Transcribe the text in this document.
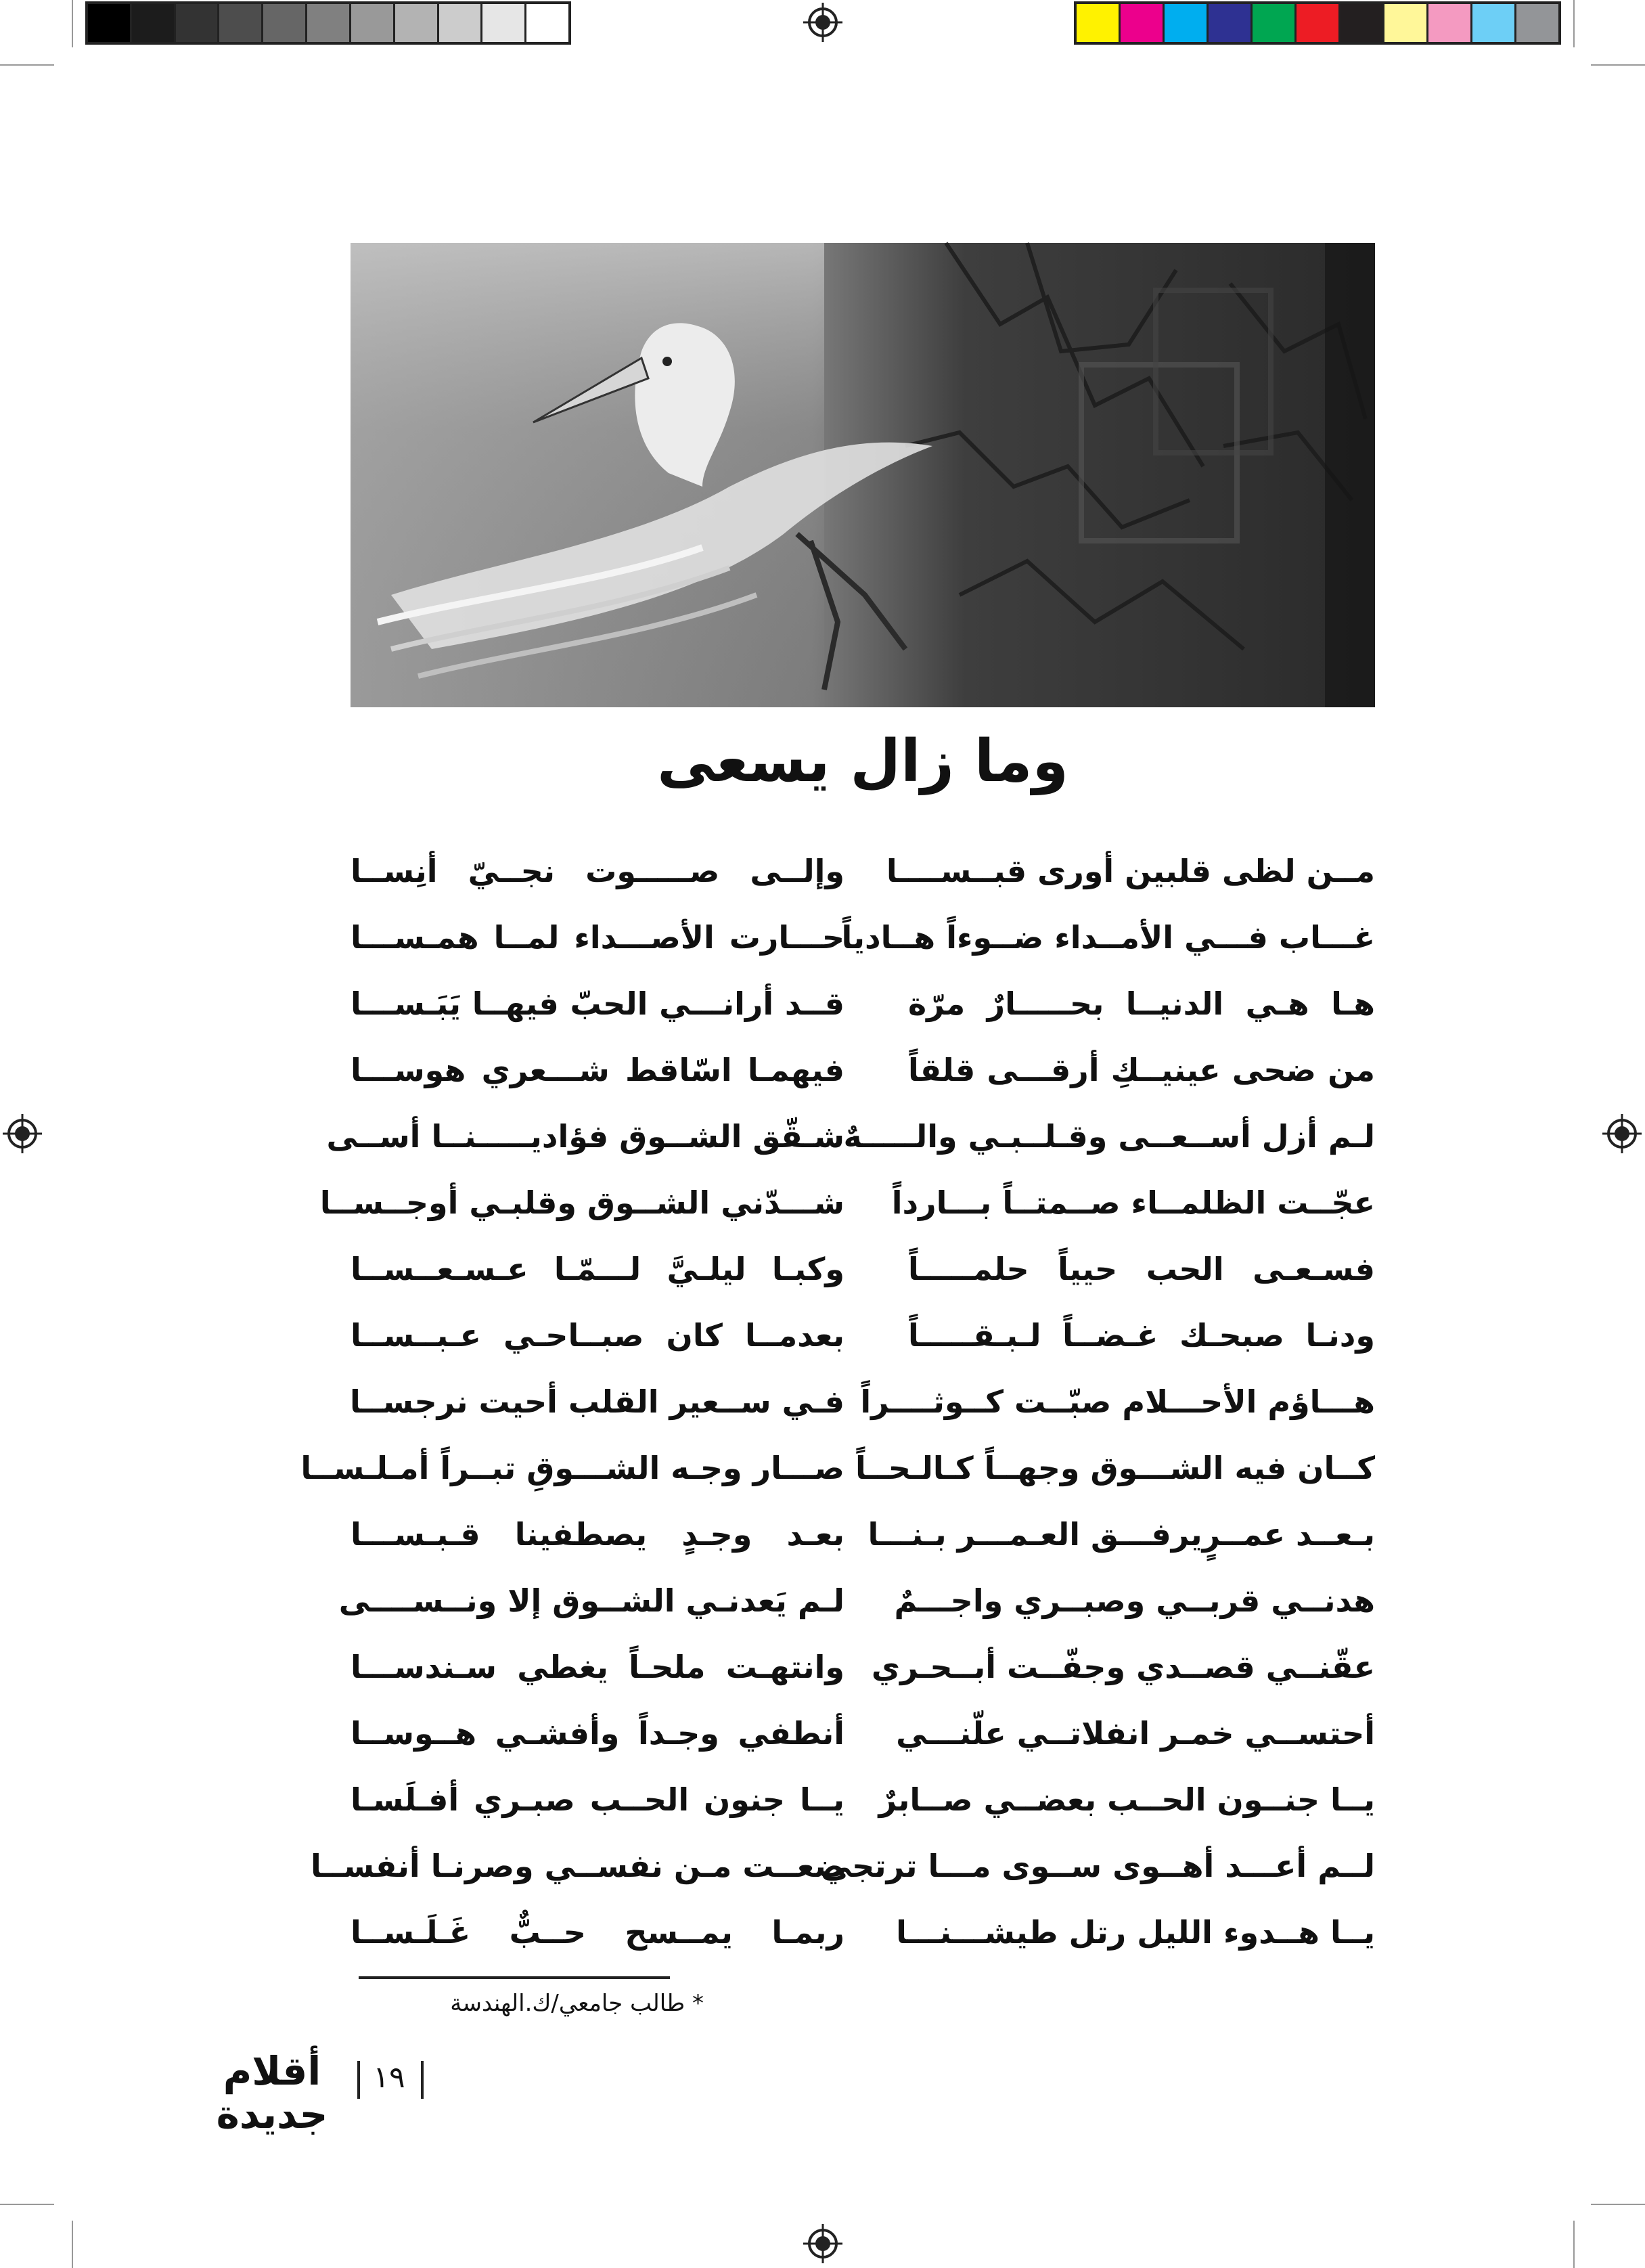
وما زال يسعى
مــن لظى قلبين أورى قبــســــا
وإلــى صـــــوت نجــيّ أنِســا
غـــاب فـــي الأمــداء ضــوءاً هــادياً
حـــارت الأصـــداء لمــا همـســـا
هـا هـي الدنيــا بحـــــارٌ مرّة
قــد أرانـــي الحبّ فيهــا يَبَـســـا
من ضحى عينيــكِ أرقـــى قلقاً
فيهمـا اسّاقط شـــعري هوســـا
لـم أزل أســعــى وقـلــبـي والـــــهٌ
شـقّق الشــوق فؤاديـــــنــا أســى
عجّــت الظلمــاء صــمتــاً بـــارداً
شـــدّني الشــوق وقلبـي أوجــســا
فسـعـى الحب حيياً حلمـــــاً
وكبـا ليلـيَّ لـــمّـا عـسـعــســا
ودنـا صبحـك غـضــاً لـبـقـــــاً
بعدمــا كان صبــاحـي عـبــســا
هـــاؤم الأحـــلام صبّــت كــوثــــراً
فـي ســعير القلب أحيت نرجســا
كــان فيه الشـــوق وجهــاً كـالـحــاً
صـــار وجـه الشـــوقِ تبــراً أمـلـســا
بـعــد عمــرٍيرفـــق العـمـــر بـنـــا
بعـد وجـدٍ يصطفينا قـبـســـا
هدنــي قربــي وصبــري واجـــمٌ
لـم يَعدنـي الشــوق إلا ونــســــى
عقّنــي قصــدي وجفّــت أبــحـري
وانتهـت ملحـاً يغطي سـندســـا
أحتســي خمـر انفلاتــي علّنـــي
أنطفي وجـداً وأفشـي هــوســا
يــا جنــون الحــب بعضــي صــابرٌ
يــا جنون الحــب صبـري أفـلَسـا
لــم أعـــد أهــوى ســوى مـــا ترتجي
ضعــت مـن نفســي وصرنـا أنفســا
يــا هــدوء الليل رتل طيشـــنـــا
ربمـا يمــسح حــبٌّ غَـلَـســا
* طالب جامعي/ك.الهندسة
أقلام
جديدة
١٩
